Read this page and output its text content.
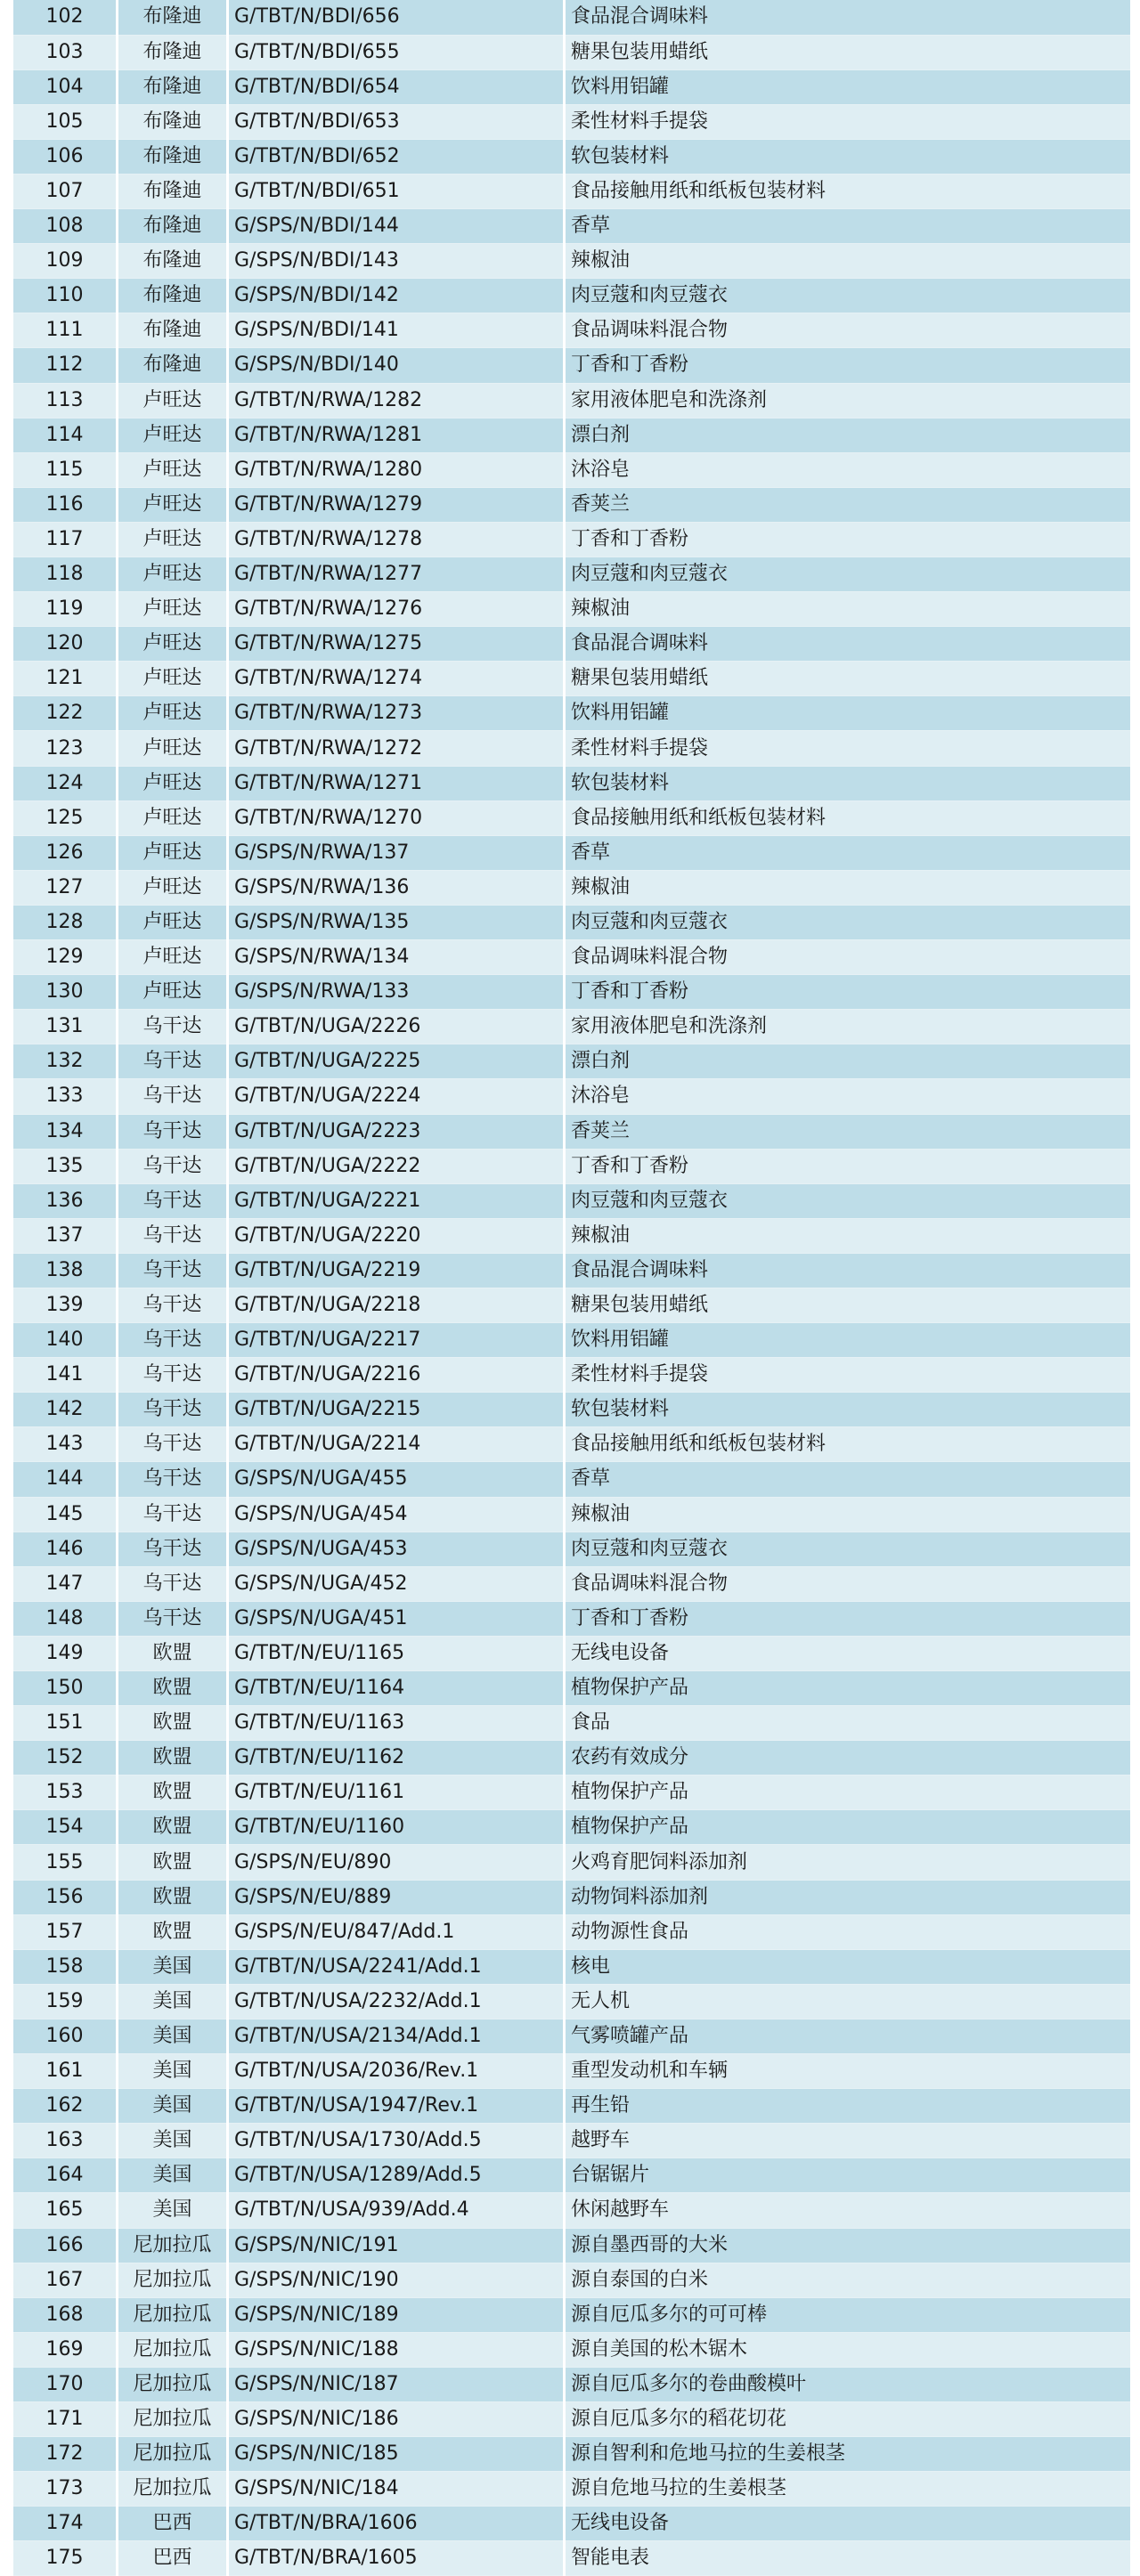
102	布隆迪	G/TBT/N/BDI/656	食品混合调味料
103	布隆迪	G/TBT/N/BDI/655	糖果包装用蜡纸
104	布隆迪	G/TBT/N/BDI/654	饮料用铝罐
105	布隆迪	G/TBT/N/BDI/653	柔性材料手提袋
106	布隆迪	G/TBT/N/BDI/652	软包装材料
107	布隆迪	G/TBT/N/BDI/651	食品接触用纸和纸板包装材料
108	布隆迪	G/SPS/N/BDI/144	香草
109	布隆迪	G/SPS/N/BDI/143	辣椒油
110	布隆迪	G/SPS/N/BDI/142	肉豆蔻和肉豆蔻衣
111	布隆迪	G/SPS/N/BDI/141	食品调味料混合物
112	布隆迪	G/SPS/N/BDI/140	丁香和丁香粉
113	卢旺达	G/TBT/N/RWA/1282	家用液体肥皂和洗涤剂
114	卢旺达	G/TBT/N/RWA/1281	漂白剂
115	卢旺达	G/TBT/N/RWA/1280	沐浴皂
116	卢旺达	G/TBT/N/RWA/1279	香荚兰
117	卢旺达	G/TBT/N/RWA/1278	丁香和丁香粉
118	卢旺达	G/TBT/N/RWA/1277	肉豆蔻和肉豆蔻衣
119	卢旺达	G/TBT/N/RWA/1276	辣椒油
120	卢旺达	G/TBT/N/RWA/1275	食品混合调味料
121	卢旺达	G/TBT/N/RWA/1274	糖果包装用蜡纸
122	卢旺达	G/TBT/N/RWA/1273	饮料用铝罐
123	卢旺达	G/TBT/N/RWA/1272	柔性材料手提袋
124	卢旺达	G/TBT/N/RWA/1271	软包装材料
125	卢旺达	G/TBT/N/RWA/1270	食品接触用纸和纸板包装材料
126	卢旺达	G/SPS/N/RWA/137	香草
127	卢旺达	G/SPS/N/RWA/136	辣椒油
128	卢旺达	G/SPS/N/RWA/135	肉豆蔻和肉豆蔻衣
129	卢旺达	G/SPS/N/RWA/134	食品调味料混合物
130	卢旺达	G/SPS/N/RWA/133	丁香和丁香粉
131	乌干达	G/TBT/N/UGA/2226	家用液体肥皂和洗涤剂
132	乌干达	G/TBT/N/UGA/2225	漂白剂
133	乌干达	G/TBT/N/UGA/2224	沐浴皂
134	乌干达	G/TBT/N/UGA/2223	香荚兰
135	乌干达	G/TBT/N/UGA/2222	丁香和丁香粉
136	乌干达	G/TBT/N/UGA/2221	肉豆蔻和肉豆蔻衣
137	乌干达	G/TBT/N/UGA/2220	辣椒油
138	乌干达	G/TBT/N/UGA/2219	食品混合调味料
139	乌干达	G/TBT/N/UGA/2218	糖果包装用蜡纸
140	乌干达	G/TBT/N/UGA/2217	饮料用铝罐
141	乌干达	G/TBT/N/UGA/2216	柔性材料手提袋
142	乌干达	G/TBT/N/UGA/2215	软包装材料
143	乌干达	G/TBT/N/UGA/2214	食品接触用纸和纸板包装材料
144	乌干达	G/SPS/N/UGA/455	香草
145	乌干达	G/SPS/N/UGA/454	辣椒油
146	乌干达	G/SPS/N/UGA/453	肉豆蔻和肉豆蔻衣
147	乌干达	G/SPS/N/UGA/452	食品调味料混合物
148	乌干达	G/SPS/N/UGA/451	丁香和丁香粉
149	欧盟	G/TBT/N/EU/1165	无线电设备
150	欧盟	G/TBT/N/EU/1164	植物保护产品
151	欧盟	G/TBT/N/EU/1163	食品
152	欧盟	G/TBT/N/EU/1162	农药有效成分
153	欧盟	G/TBT/N/EU/1161	植物保护产品
154	欧盟	G/TBT/N/EU/1160	植物保护产品
155	欧盟	G/SPS/N/EU/890	火鸡育肥饲料添加剂
156	欧盟	G/SPS/N/EU/889	动物饲料添加剂
157	欧盟	G/SPS/N/EU/847/Add.1	动物源性食品
158	美国	G/TBT/N/USA/2241/Add.1	核电
159	美国	G/TBT/N/USA/2232/Add.1	无人机
160	美国	G/TBT/N/USA/2134/Add.1	气雾喷罐产品
161	美国	G/TBT/N/USA/2036/Rev.1	重型发动机和车辆
162	美国	G/TBT/N/USA/1947/Rev.1	再生铅
163	美国	G/TBT/N/USA/1730/Add.5	越野车
164	美国	G/TBT/N/USA/1289/Add.5	台锯锯片
165	美国	G/TBT/N/USA/939/Add.4	休闲越野车
166	尼加拉瓜	G/SPS/N/NIC/191	源自墨西哥的大米
167	尼加拉瓜	G/SPS/N/NIC/190	源自泰国的白米
168	尼加拉瓜	G/SPS/N/NIC/189	源自厄瓜多尔的可可棒
169	尼加拉瓜	G/SPS/N/NIC/188	源自美国的松木锯木
170	尼加拉瓜	G/SPS/N/NIC/187	源自厄瓜多尔的卷曲酸模叶
171	尼加拉瓜	G/SPS/N/NIC/186	源自厄瓜多尔的稻花切花
172	尼加拉瓜	G/SPS/N/NIC/185	源自智利和危地马拉的生姜根茎
173	尼加拉瓜	G/SPS/N/NIC/184	源自危地马拉的生姜根茎
174	巴西	G/TBT/N/BRA/1606	无线电设备
175	巴西	G/TBT/N/BRA/1605	智能电表
